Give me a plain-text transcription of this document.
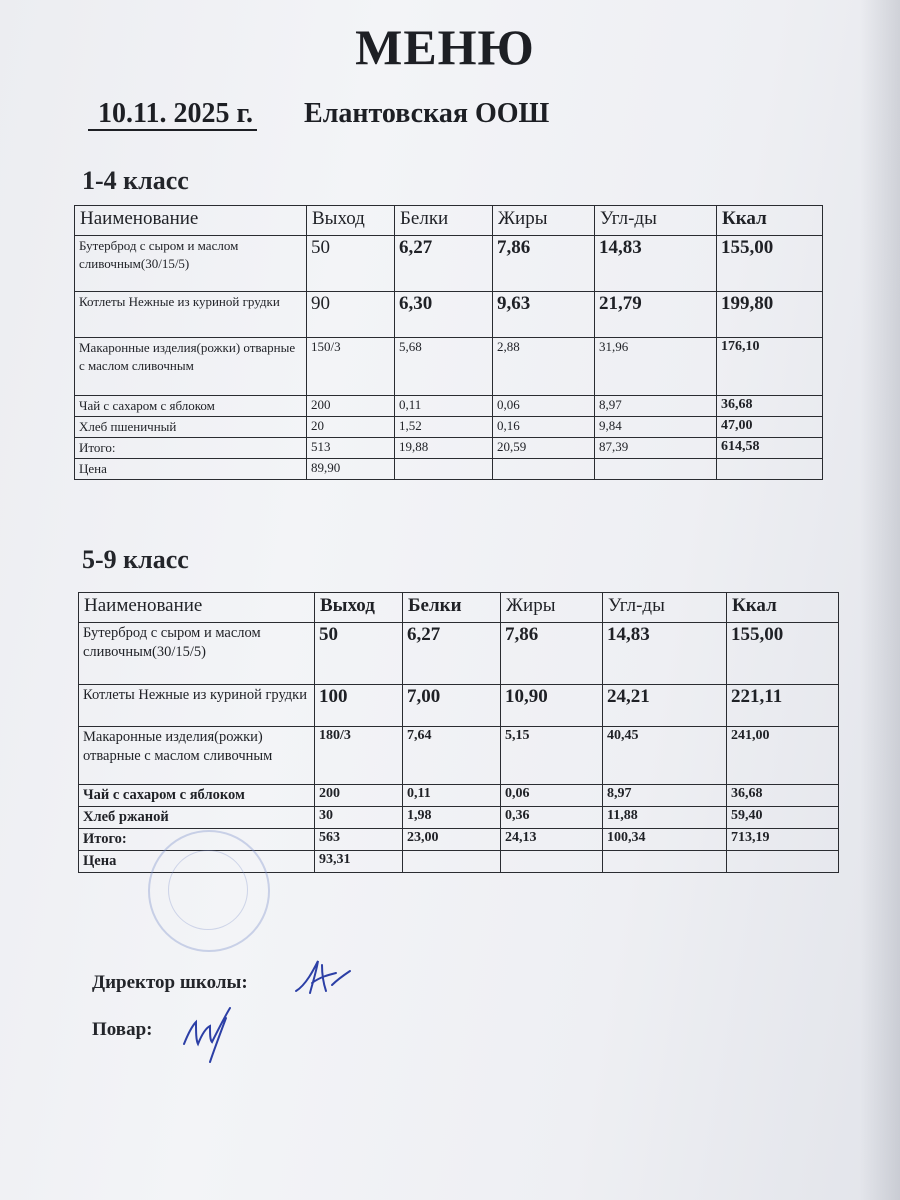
МЕНЮ
10.11. 2025 г. Елантовская ООШ
1-4 класс
Наименование	Выход	Белки	Жиры	Угл-ды	Ккал
Бутерброд с сыром и маслом сливочным(30/15/5)	50	6,27	7,86	14,83	155,00
Котлеты Нежные из куриной грудки	90	6,30	9,63	21,79	199,80
Макаронные изделия(рожки) отварные с маслом сливочным	150/3	5,68	2,88	31,96	176,10
Чай с сахаром с яблоком	200	0,11	0,06	8,97	36,68
Хлеб пшеничный	20	1,52	0,16	9,84	47,00
Итого:	513	19,88	20,59	87,39	614,58
Цена	89,90				
5-9 класс
Наименование	Выход	Белки	Жиры	Угл-ды	Ккал
Бутерброд с сыром и маслом сливочным(30/15/5)	50	6,27	7,86	14,83	155,00
Котлеты Нежные из куриной грудки	100	7,00	10,90	24,21	221,11
Макаронные изделия(рожки) отварные с маслом сливочным	180/3	7,64	5,15	40,45	241,00
Чай с сахаром с яблоком	200	0,11	0,06	8,97	36,68
Хлеб ржаной	30	1,98	0,36	11,88	59,40
Итого:	563	23,00	24,13	100,34	713,19
Цена	93,31				
Директор школы:
Повар:
